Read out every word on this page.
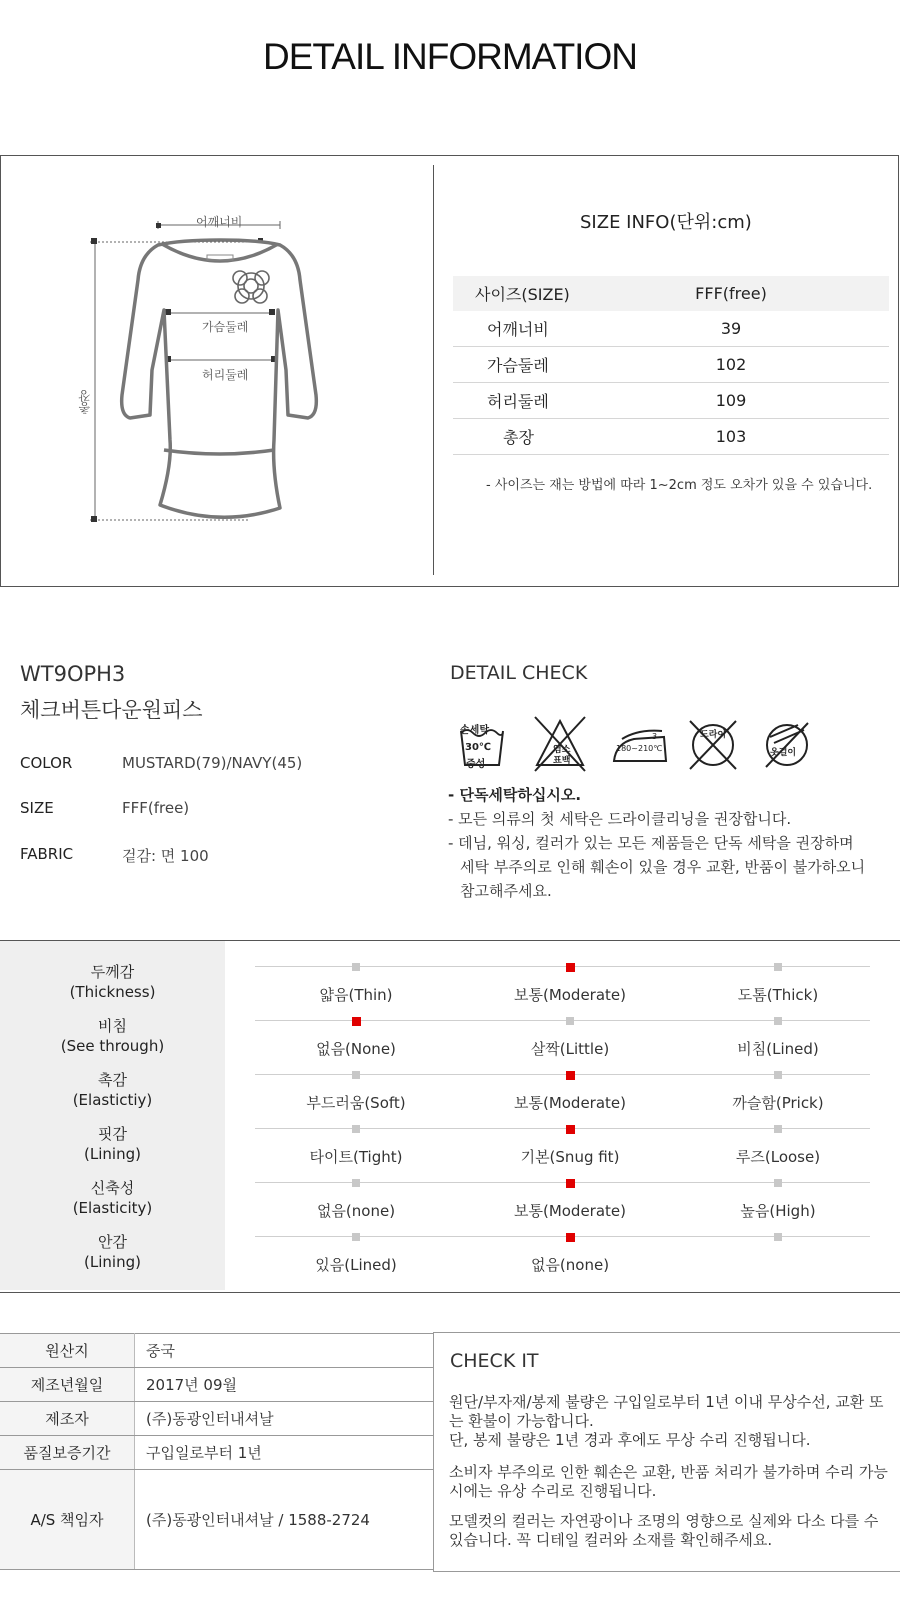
DETAIL INFORMATION
어깨너비
가슴둘레
허리둘레
총장
SIZE INFO(단위:cm)
사이즈(SIZE)	FFF(free)
어깨너비	39
가슴둘레	102
허리둘레	109
총장	103
- 사이즈는 재는 방법에 따라 1~2cm 정도 오차가 있을 수 있습니다.
WT9OPH3
체크버튼다운원피스
COLOR	MUSTARD(79)/NAVY(45)
SIZE	FFF(free)
FABRIC	겉감: 면 100
DETAIL CHECK
손세탁
30℃
중성
염소
표백
180~210℃
3	드라이
옷걸이
- 단독세탁하십시오.
- 모든 의류의 첫 세탁은 드라이클리닝을 권장합니다.
- 데님, 워싱, 컬러가 있는 모든 제품들은 단독 세탁을 권장하며
세탁 부주의로 인해 훼손이 있을 경우 교환, 반품이 불가하오니
참고해주세요.
두께감
(Thickness)	얇음(Thin)	보통(Moderate)	도톰(Thick)
비침
(See through)	없음(None)	살짝(Little)	비침(Lined)
촉감
(Elastictiy)	부드러움(Soft)	보통(Moderate)	까슬함(Prick)
핏감
(Lining)	타이트(Tight)	기본(Snug fit)	루즈(Loose)
신축성
(Elasticity)	없음(none)	보통(Moderate)	높음(High)
안감
(Lining)	있음(Lined)	없음(none)
원산지	중국
제조년월일	2017년 09월
제조자	(주)동광인터내셔날
품질보증기간	구입일로부터 1년
A/S 책임자	(주)동광인터내셔날 / 1588-2724
CHECK IT
원단/부자재/봉제 불량은 구입일로부터 1년 이내 무상수선, 교환 또는 환불이 가능합니다.
단, 봉제 불량은 1년 경과 후에도 무상 수리 진행됩니다.
소비자 부주의로 인한 훼손은 교환, 반품 처리가 불가하며 수리 가능시에는 유상 수리로 진행됩니다.
모델컷의 컬러는 자연광이나 조명의 영향으로 실제와 다소 다를 수 있습니다. 꼭 디테일 컬러와 소재를 확인해주세요.
